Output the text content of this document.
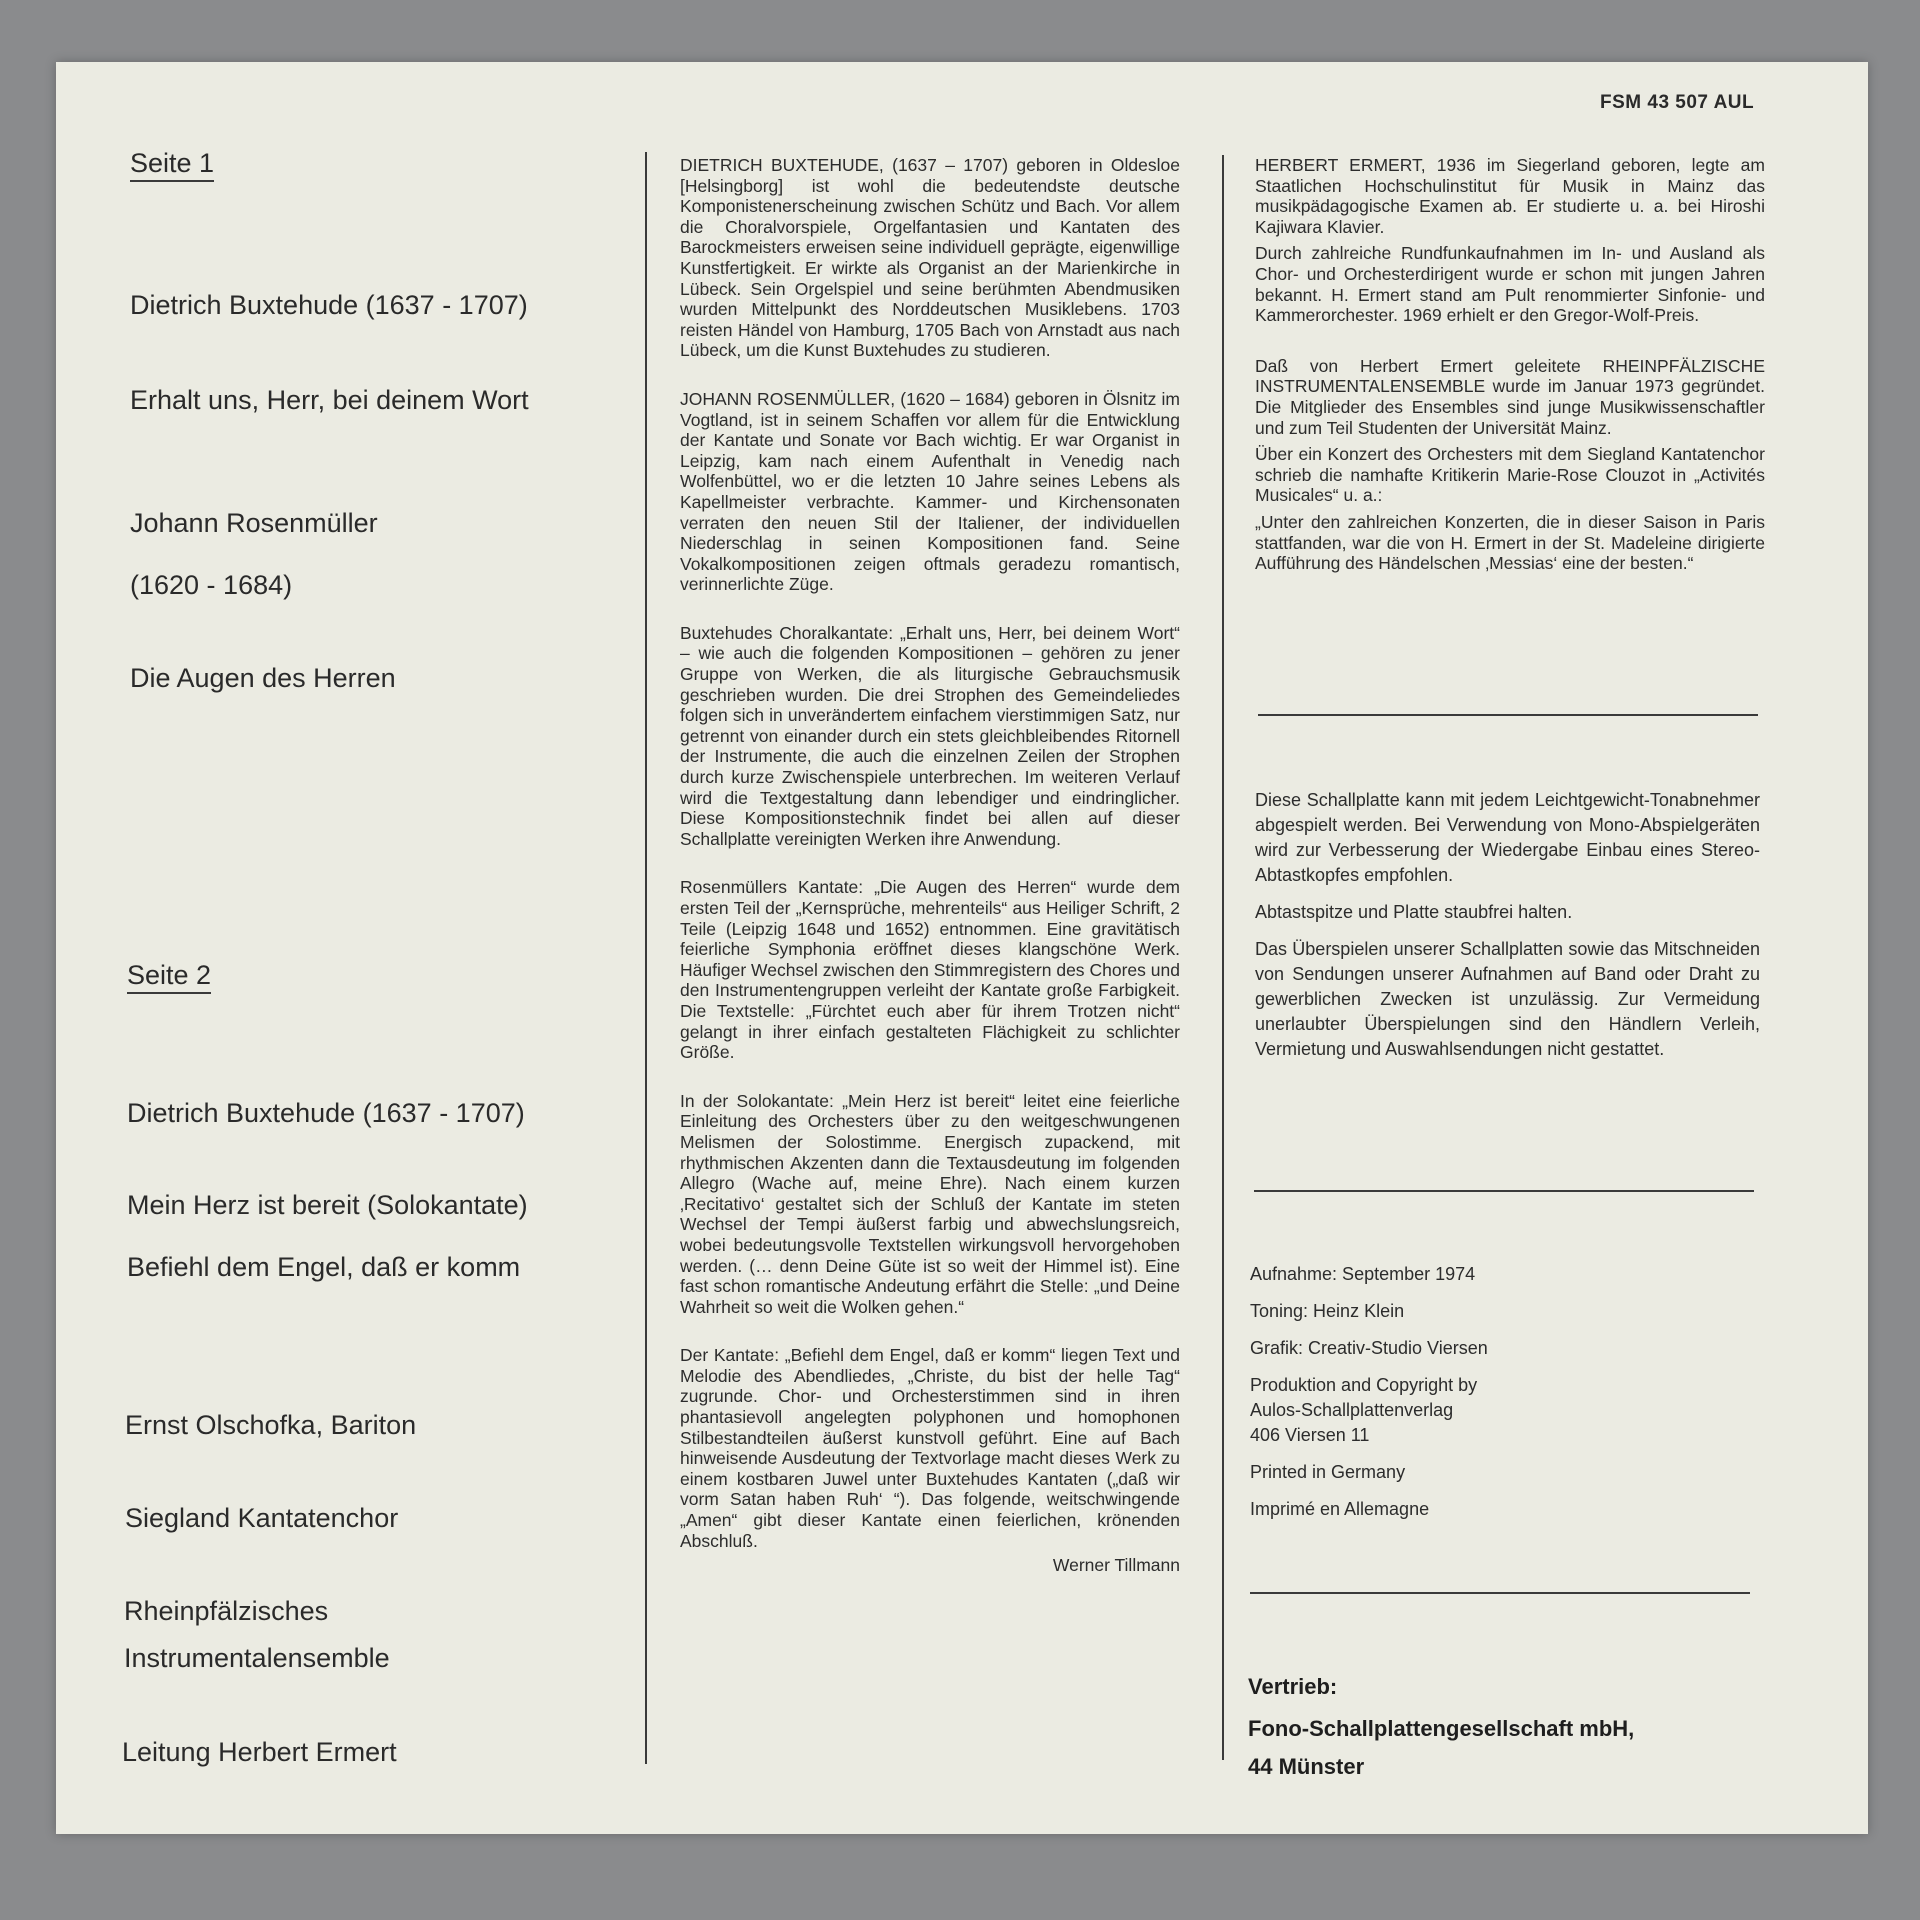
FSM 43 507 AUL
Seite 1
Dietrich Buxtehude (1637 - 1707)
Erhalt uns, Herr, bei deinem Wort
Johann Rosenmüller
(1620 - 1684)
Die Augen des Herren
Seite 2
Dietrich Buxtehude (1637 - 1707)
Mein Herz ist bereit (Solokantate)
Befiehl dem Engel, daß er komm
Ernst Olschofka, Bariton
Siegland Kantatenchor
Rheinpfälzisches
Instrumentalensemble
Leitung Herbert Ermert

DIETRICH BUXTEHUDE, (1637 – 1707) geboren in Oldesloe [Helsingborg] ist wohl die bedeutendste deutsche Komponistenerscheinung zwischen Schütz und Bach. Vor allem die Choralvorspiele, Orgelfantasien und Kantaten des Barockmeisters erweisen seine individuell geprägte, eigenwillige Kunstfertigkeit. Er wirkte als Organist an der Marienkirche in Lübeck. Sein Orgelspiel und seine berühmten Abendmusiken wurden Mittelpunkt des Norddeutschen Musiklebens. 1703 reisten Händel von Hamburg, 1705 Bach von Arnstadt aus nach Lübeck, um die Kunst Buxtehudes zu studieren.

JOHANN ROSENMÜLLER, (1620 – 1684) geboren in Ölsnitz im Vogtland, ist in seinem Schaffen vor allem für die Entwicklung der Kantate und Sonate vor Bach wichtig. Er war Organist in Leipzig, kam nach einem Aufenthalt in Venedig nach Wolfenbüttel, wo er die letzten 10 Jahre seines Lebens als Kapellmeister verbrachte. Kammer- und Kirchensonaten verraten den neuen Stil der Italiener, der individuellen Niederschlag in seinen Kompositionen fand. Seine Vokalkompositionen zeigen oftmals geradezu romantisch, verinnerlichte Züge.

Buxtehudes Choralkantate: „Erhalt uns, Herr, bei deinem Wort“ – wie auch die folgenden Kompositionen – gehören zu jener Gruppe von Werken, die als liturgische Gebrauchsmusik geschrieben wurden. Die drei Strophen des Gemeindeliedes folgen sich in unverändertem einfachem vierstimmigen Satz, nur getrennt von einander durch ein stets gleichbleibendes Ritornell der Instrumente, die auch die einzelnen Zeilen der Strophen durch kurze Zwischenspiele unterbrechen. Im weiteren Verlauf wird die Textgestaltung dann lebendiger und eindringlicher. Diese Kompositionstechnik findet bei allen auf dieser Schallplatte vereinigten Werken ihre Anwendung.

Rosenmüllers Kantate: „Die Augen des Herren“ wurde dem ersten Teil der „Kernsprüche, mehrenteils“ aus Heiliger Schrift, 2 Teile (Leipzig 1648 und 1652) entnommen. Eine gravitätisch feierliche Symphonia eröffnet dieses klangschöne Werk. Häufiger Wechsel zwischen den Stimmregistern des Chores und den Instrumentengruppen verleiht der Kantate große Farbigkeit. Die Textstelle: „Fürchtet euch aber für ihrem Trotzen nicht“ gelangt in ihrer einfach gestalteten Flächigkeit zu schlichter Größe.

In der Solokantate: „Mein Herz ist bereit“ leitet eine feierliche Einleitung des Orchesters über zu den weitgeschwungenen Melismen der Solostimme. Energisch zupackend, mit rhythmischen Akzenten dann die Textausdeutung im folgenden Allegro (Wache auf, meine Ehre). Nach einem kurzen ‚Recitativo‘ gestaltet sich der Schluß der Kantate im steten Wechsel der Tempi äußerst farbig und abwechslungsreich, wobei bedeutungsvolle Textstellen wirkungsvoll hervorgehoben werden. (… denn Deine Güte ist so weit der Himmel ist). Eine fast schon romantische Andeutung erfährt die Stelle: „und Deine Wahrheit so weit die Wolken gehen.“

Der Kantate: „Befiehl dem Engel, daß er komm“ liegen Text und Melodie des Abendliedes, „Christe, du bist der helle Tag“ zugrunde. Chor- und Orchesterstimmen sind in ihren phantasievoll angelegten polyphonen und homophonen Stilbestandteilen äußerst kunstvoll geführt. Eine auf Bach hinweisende Ausdeutung der Textvorlage macht dieses Werk zu einem kostbaren Juwel unter Buxtehudes Kantaten („daß wir vorm Satan haben Ruh‘ “). Das folgende, weitschwingende „Amen“ gibt dieser Kantate einen feierlichen, krönenden Abschluß.

Werner Tillmann

HERBERT ERMERT, 1936 im Siegerland geboren, legte am Staatlichen Hochschulinstitut für Musik in Mainz das musikpädagogische Examen ab. Er studierte u. a. bei Hiroshi Kajiwara Klavier.

Durch zahlreiche Rundfunkaufnahmen im In- und Ausland als Chor- und Orchesterdirigent wurde er schon mit jungen Jahren bekannt. H. Ermert stand am Pult renommierter Sinfonie- und Kammerorchester. 1969 erhielt er den Gregor-Wolf-Preis.

Daß von Herbert Ermert geleitete RHEINPFÄLZISCHE INSTRUMENTALENSEMBLE wurde im Januar 1973 gegründet. Die Mitglieder des Ensembles sind junge Musikwissenschaftler und zum Teil Studenten der Universität Mainz.

Über ein Konzert des Orchesters mit dem Siegland Kantatenchor schrieb die namhafte Kritikerin Marie-Rose Clouzot in „Activités Musicales“ u. a.:

„Unter den zahlreichen Konzerten, die in dieser Saison in Paris stattfanden, war die von H. Ermert in der St. Madeleine dirigierte Aufführung des Händelschen ‚Messias‘ eine der besten.“

Diese Schallplatte kann mit jedem Leichtgewicht-Tonabnehmer abgespielt werden. Bei Verwendung von Mono-Abspielgeräten wird zur Verbesserung der Wiedergabe Einbau eines Stereo-Abtastkopfes empfohlen.

Abtastspitze und Platte staubfrei halten.

Das Überspielen unserer Schallplatten sowie das Mitschneiden von Sendungen unserer Aufnahmen auf Band oder Draht zu gewerblichen Zwecken ist unzulässig. Zur Vermeidung unerlaubter Überspielungen sind den Händlern Verleih, Vermietung und Auswahlsendungen nicht gestattet.

Aufnahme: September 1974

Toning: Heinz Klein

Grafik: Creativ-Studio Viersen

Produktion and Copyright by

Aulos-Schallplattenverlag

406 Viersen 11

Printed in Germany

Imprimé en Allemagne

Vertrieb:
Fono-Schallplattengesellschaft mbH,
44 Münster
